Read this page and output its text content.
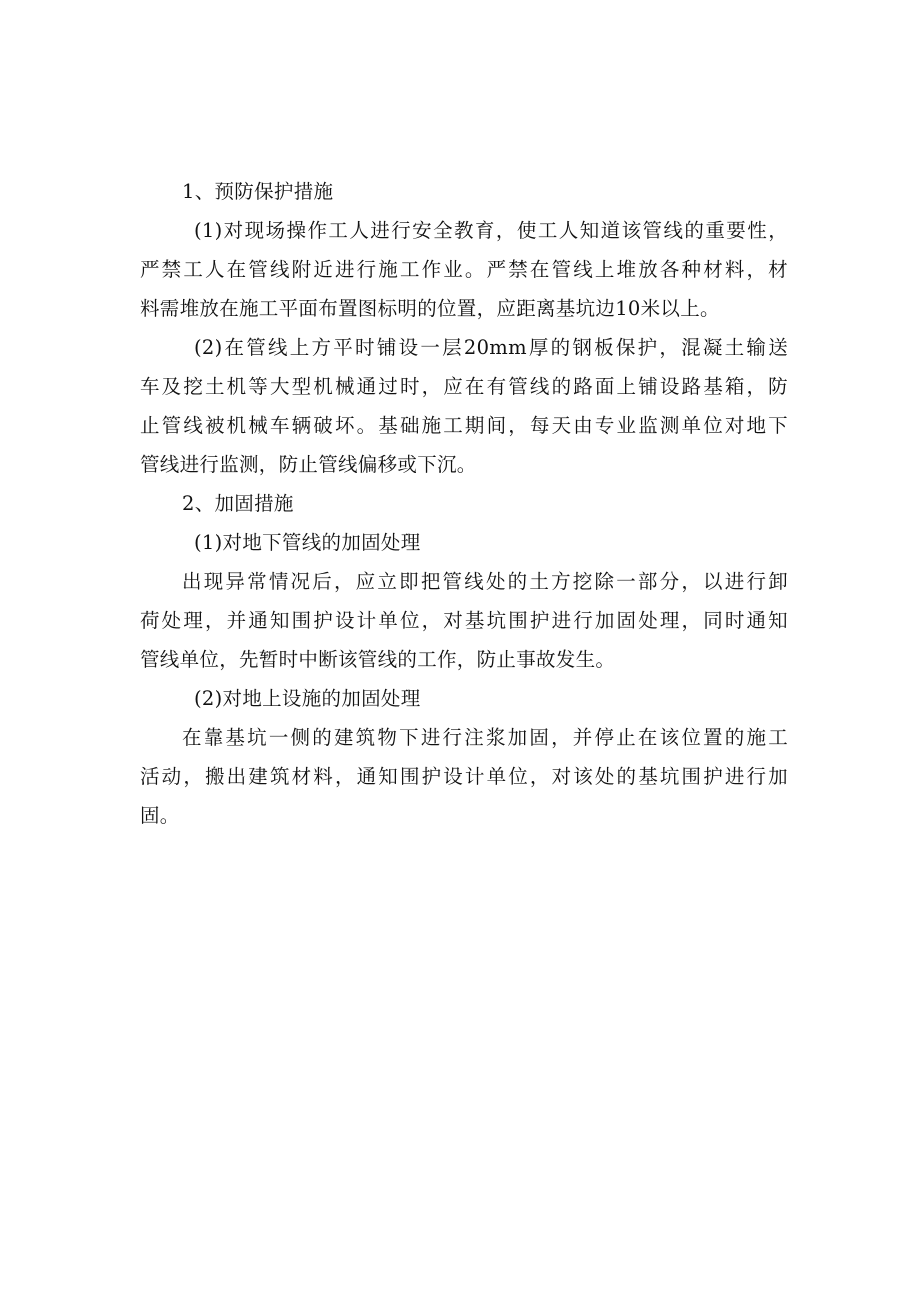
1、预防保护措施
(1)对现场操作工人进行安全教育，使工人知道该管线的重要性，
严禁工人在管线附近进行施工作业。严禁在管线上堆放各种材料，材
料需堆放在施工平面布置图标明的位置，应距离基坑边10米以上。
(2)在管线上方平时铺设一层20mm厚的钢板保护，混凝土输送
车及挖土机等大型机械通过时，应在有管线的路面上铺设路基箱，防
止管线被机械车辆破坏。基础施工期间，每天由专业监测单位对地下
管线进行监测，防止管线偏移或下沉。
2、加固措施
(1)对地下管线的加固处理
出现异常情况后，应立即把管线处的土方挖除一部分，以进行卸
荷处理，并通知围护设计单位，对基坑围护进行加固处理，同时通知
管线单位，先暂时中断该管线的工作，防止事故发生。
(2)对地上设施的加固处理
在靠基坑一侧的建筑物下进行注浆加固，并停止在该位置的施工
活动，搬出建筑材料，通知围护设计单位，对该处的基坑围护进行加
固。
